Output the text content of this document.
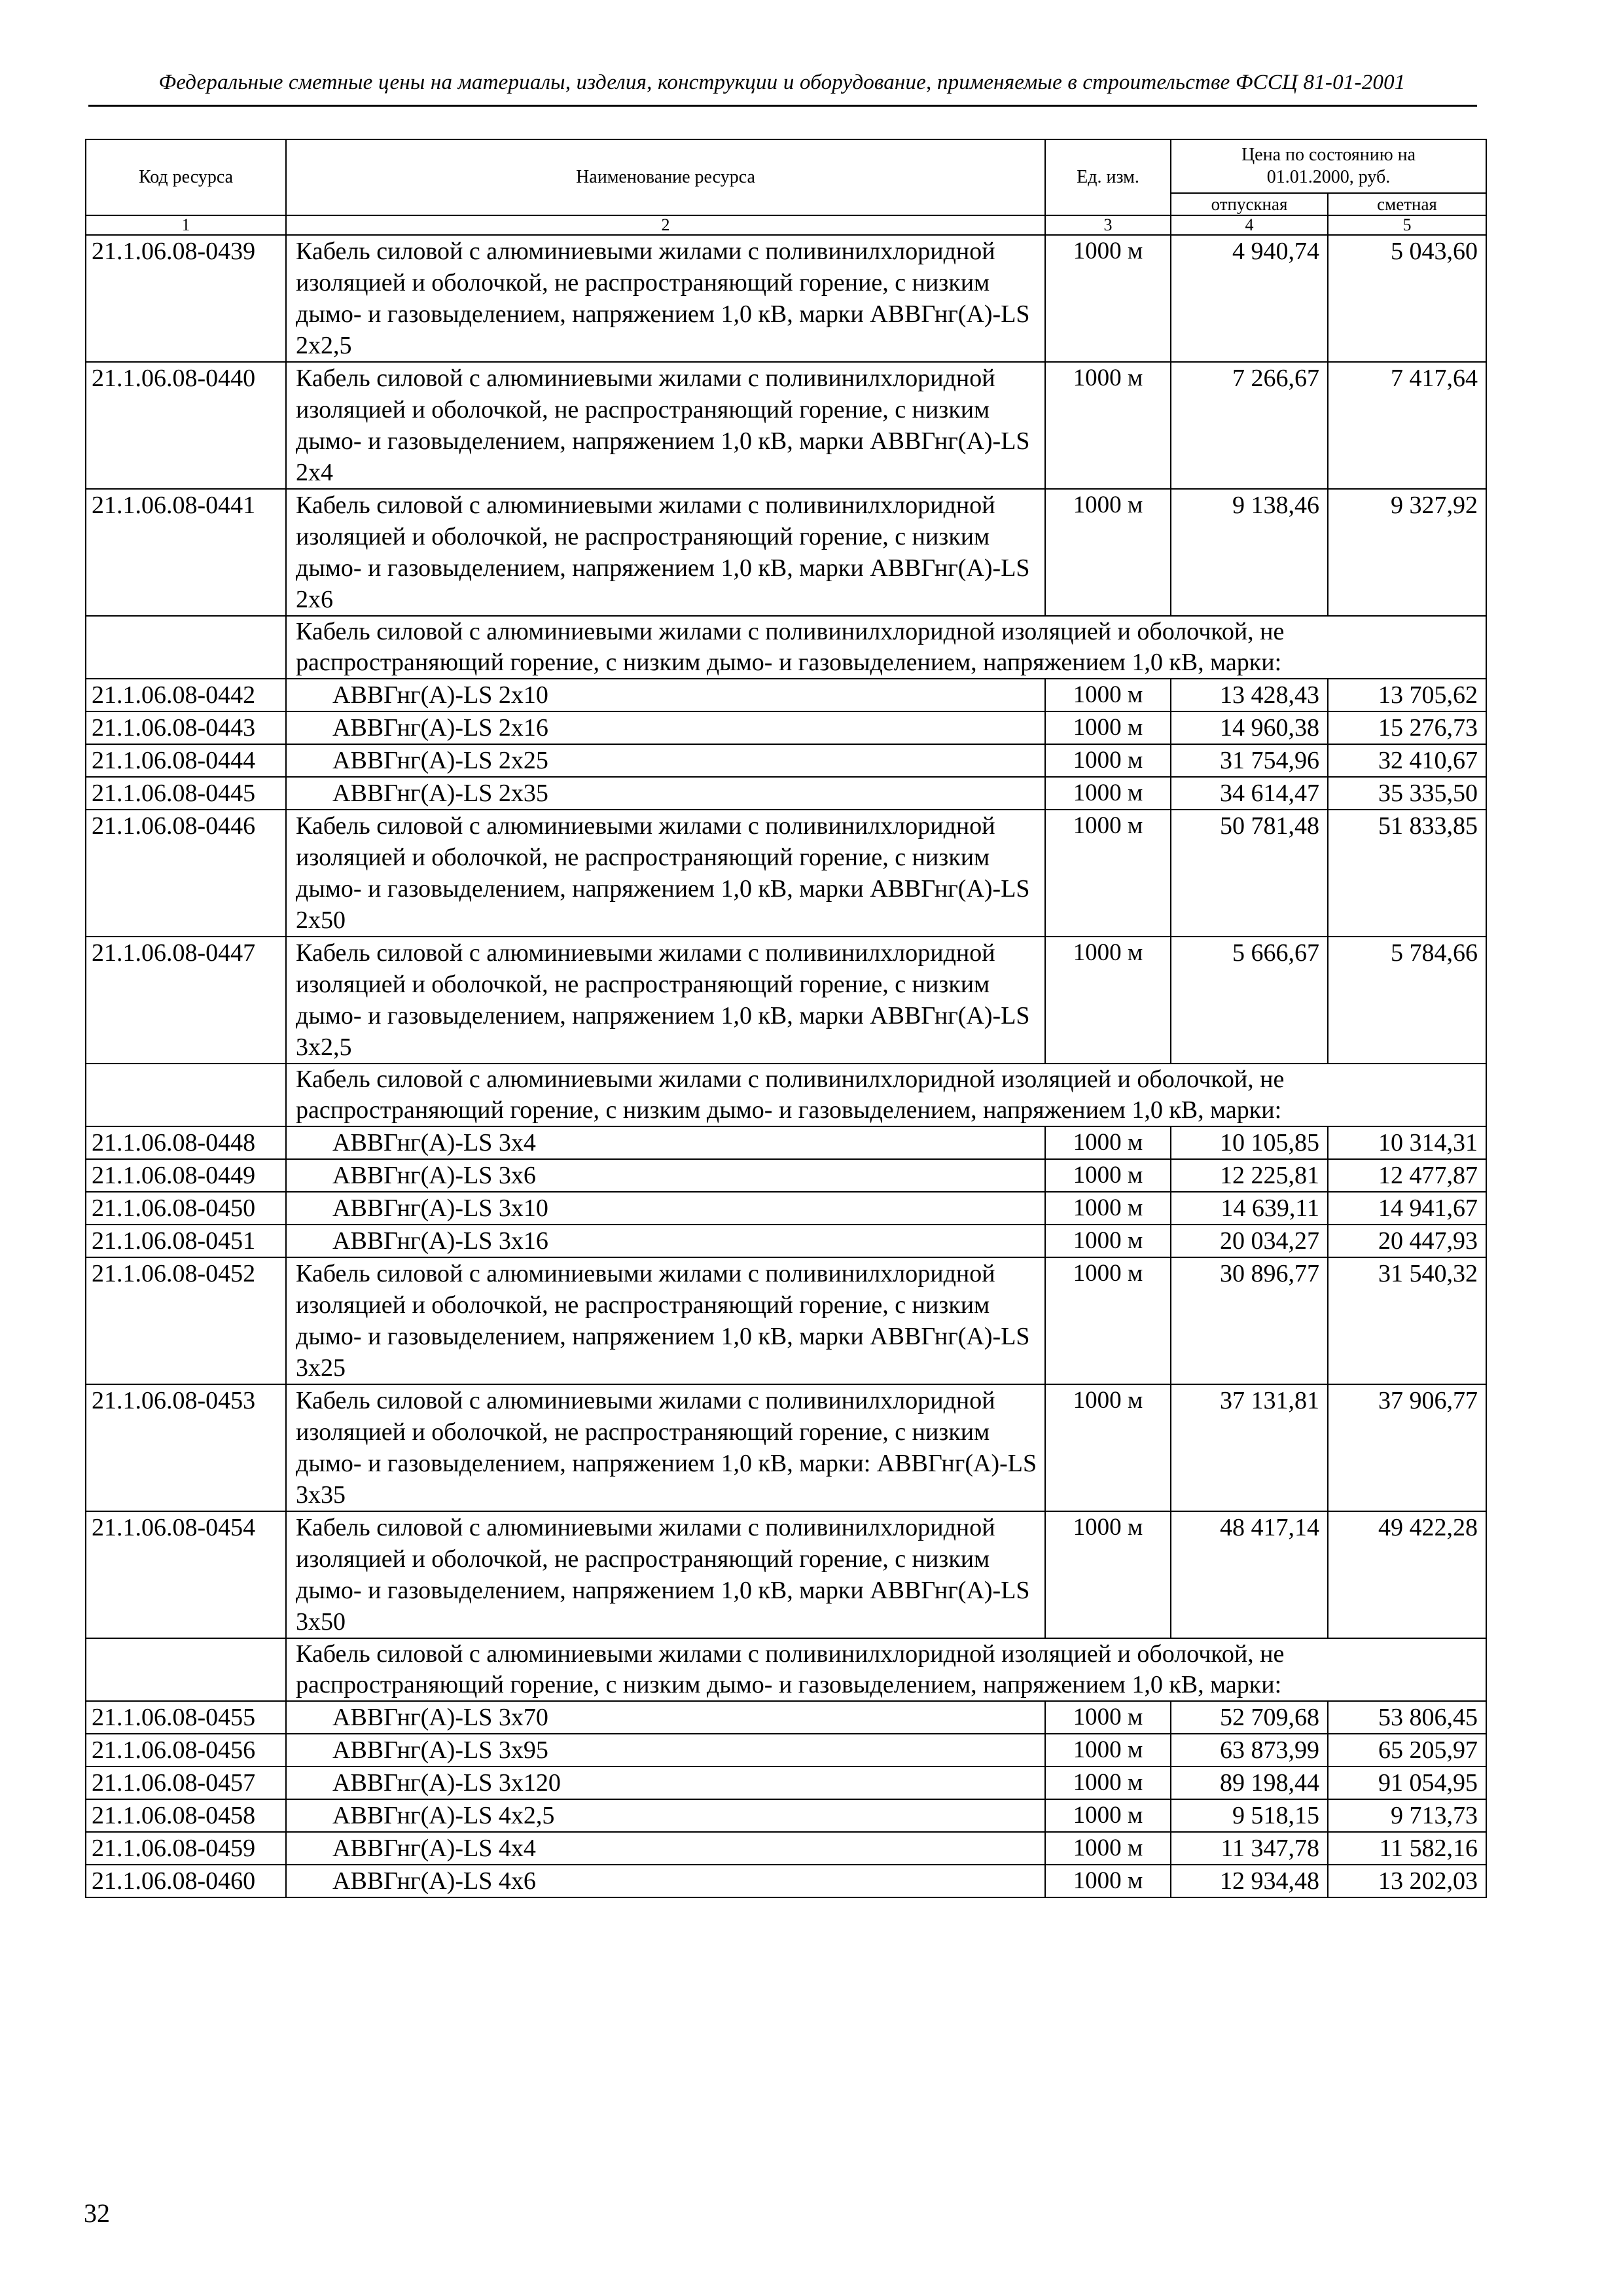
Федеральные сметные цены на материалы, изделия, конструкции и оборудование, применяемые в строительстве ФССЦ 81-01-2001
Код ресурса	Наименование ресурса	Ед. изм.	Цена по состоянию на 01.01.2000, руб.	
			отпускная	сметная
1	2	3	4	5
21.1.06.08-0439	Кабель силовой с алюминиевыми жилами с поливинилхлоридной изоляцией и оболочкой, не распространяющий горение, с низким дымо- и газовыделением, напряжением 1,0 кВ, марки АВВГнг(А)-LS 2х2,5	1000 м	4 940,74	5 043,60
21.1.06.08-0440	Кабель силовой с алюминиевыми жилами с поливинилхлоридной изоляцией и оболочкой, не распространяющий горение, с низким дымо- и газовыделением, напряжением 1,0 кВ, марки АВВГнг(А)-LS 2х4	1000 м	7 266,67	7 417,64
21.1.06.08-0441	Кабель силовой с алюминиевыми жилами с поливинилхлоридной изоляцией и оболочкой, не распространяющий горение, с низким дымо- и газовыделением, напряжением 1,0 кВ, марки АВВГнг(А)-LS 2х6	1000 м	9 138,46	9 327,92
	Кабель силовой с алюминиевыми жилами с поливинилхлоридной изоляцией и оболочкой, не распространяющий горение, с низким дымо- и газовыделением, напряжением 1,0 кВ, марки:			
21.1.06.08-0442	АВВГнг(А)-LS 2х10	1000 м	13 428,43	13 705,62
21.1.06.08-0443	АВВГнг(А)-LS 2х16	1000 м	14 960,38	15 276,73
21.1.06.08-0444	АВВГнг(А)-LS 2х25	1000 м	31 754,96	32 410,67
21.1.06.08-0445	АВВГнг(А)-LS 2х35	1000 м	34 614,47	35 335,50
21.1.06.08-0446	Кабель силовой с алюминиевыми жилами с поливинилхлоридной изоляцией и оболочкой, не распространяющий горение, с низким дымо- и газовыделением, напряжением 1,0 кВ, марки АВВГнг(А)-LS 2х50	1000 м	50 781,48	51 833,85
21.1.06.08-0447	Кабель силовой с алюминиевыми жилами с поливинилхлоридной изоляцией и оболочкой, не распространяющий горение, с низким дымо- и газовыделением, напряжением 1,0 кВ, марки АВВГнг(А)-LS 3х2,5	1000 м	5 666,67	5 784,66
	Кабель силовой с алюминиевыми жилами с поливинилхлоридной изоляцией и оболочкой, не распространяющий горение, с низким дымо- и газовыделением, напряжением 1,0 кВ, марки:			
21.1.06.08-0448	АВВГнг(А)-LS 3х4	1000 м	10 105,85	10 314,31
21.1.06.08-0449	АВВГнг(А)-LS 3х6	1000 м	12 225,81	12 477,87
21.1.06.08-0450	АВВГнг(А)-LS 3х10	1000 м	14 639,11	14 941,67
21.1.06.08-0451	АВВГнг(А)-LS 3х16	1000 м	20 034,27	20 447,93
21.1.06.08-0452	Кабель силовой с алюминиевыми жилами с поливинилхлоридной изоляцией и оболочкой, не распространяющий горение, с низким дымо- и газовыделением, напряжением 1,0 кВ, марки АВВГнг(А)-LS 3х25	1000 м	30 896,77	31 540,32
21.1.06.08-0453	Кабель силовой с алюминиевыми жилами с поливинилхлоридной изоляцией и оболочкой, не распространяющий горение, с низким дымо- и газовыделением, напряжением 1,0 кВ, марки: АВВГнг(А)-LS 3х35	1000 м	37 131,81	37 906,77
21.1.06.08-0454	Кабель силовой с алюминиевыми жилами с поливинилхлоридной изоляцией и оболочкой, не распространяющий горение, с низким дымо- и газовыделением, напряжением 1,0 кВ, марки АВВГнг(А)-LS 3х50	1000 м	48 417,14	49 422,28
	Кабель силовой с алюминиевыми жилами с поливинилхлоридной изоляцией и оболочкой, не распространяющий горение, с низким дымо- и газовыделением, напряжением 1,0 кВ, марки:			
21.1.06.08-0455	АВВГнг(А)-LS 3х70	1000 м	52 709,68	53 806,45
21.1.06.08-0456	АВВГнг(А)-LS 3х95	1000 м	63 873,99	65 205,97
21.1.06.08-0457	АВВГнг(А)-LS 3х120	1000 м	89 198,44	91 054,95
21.1.06.08-0458	АВВГнг(А)-LS 4х2,5	1000 м	9 518,15	9 713,73
21.1.06.08-0459	АВВГнг(А)-LS 4х4	1000 м	11 347,78	11 582,16
21.1.06.08-0460	АВВГнг(А)-LS 4х6	1000 м	12 934,48	13 202,03
32
